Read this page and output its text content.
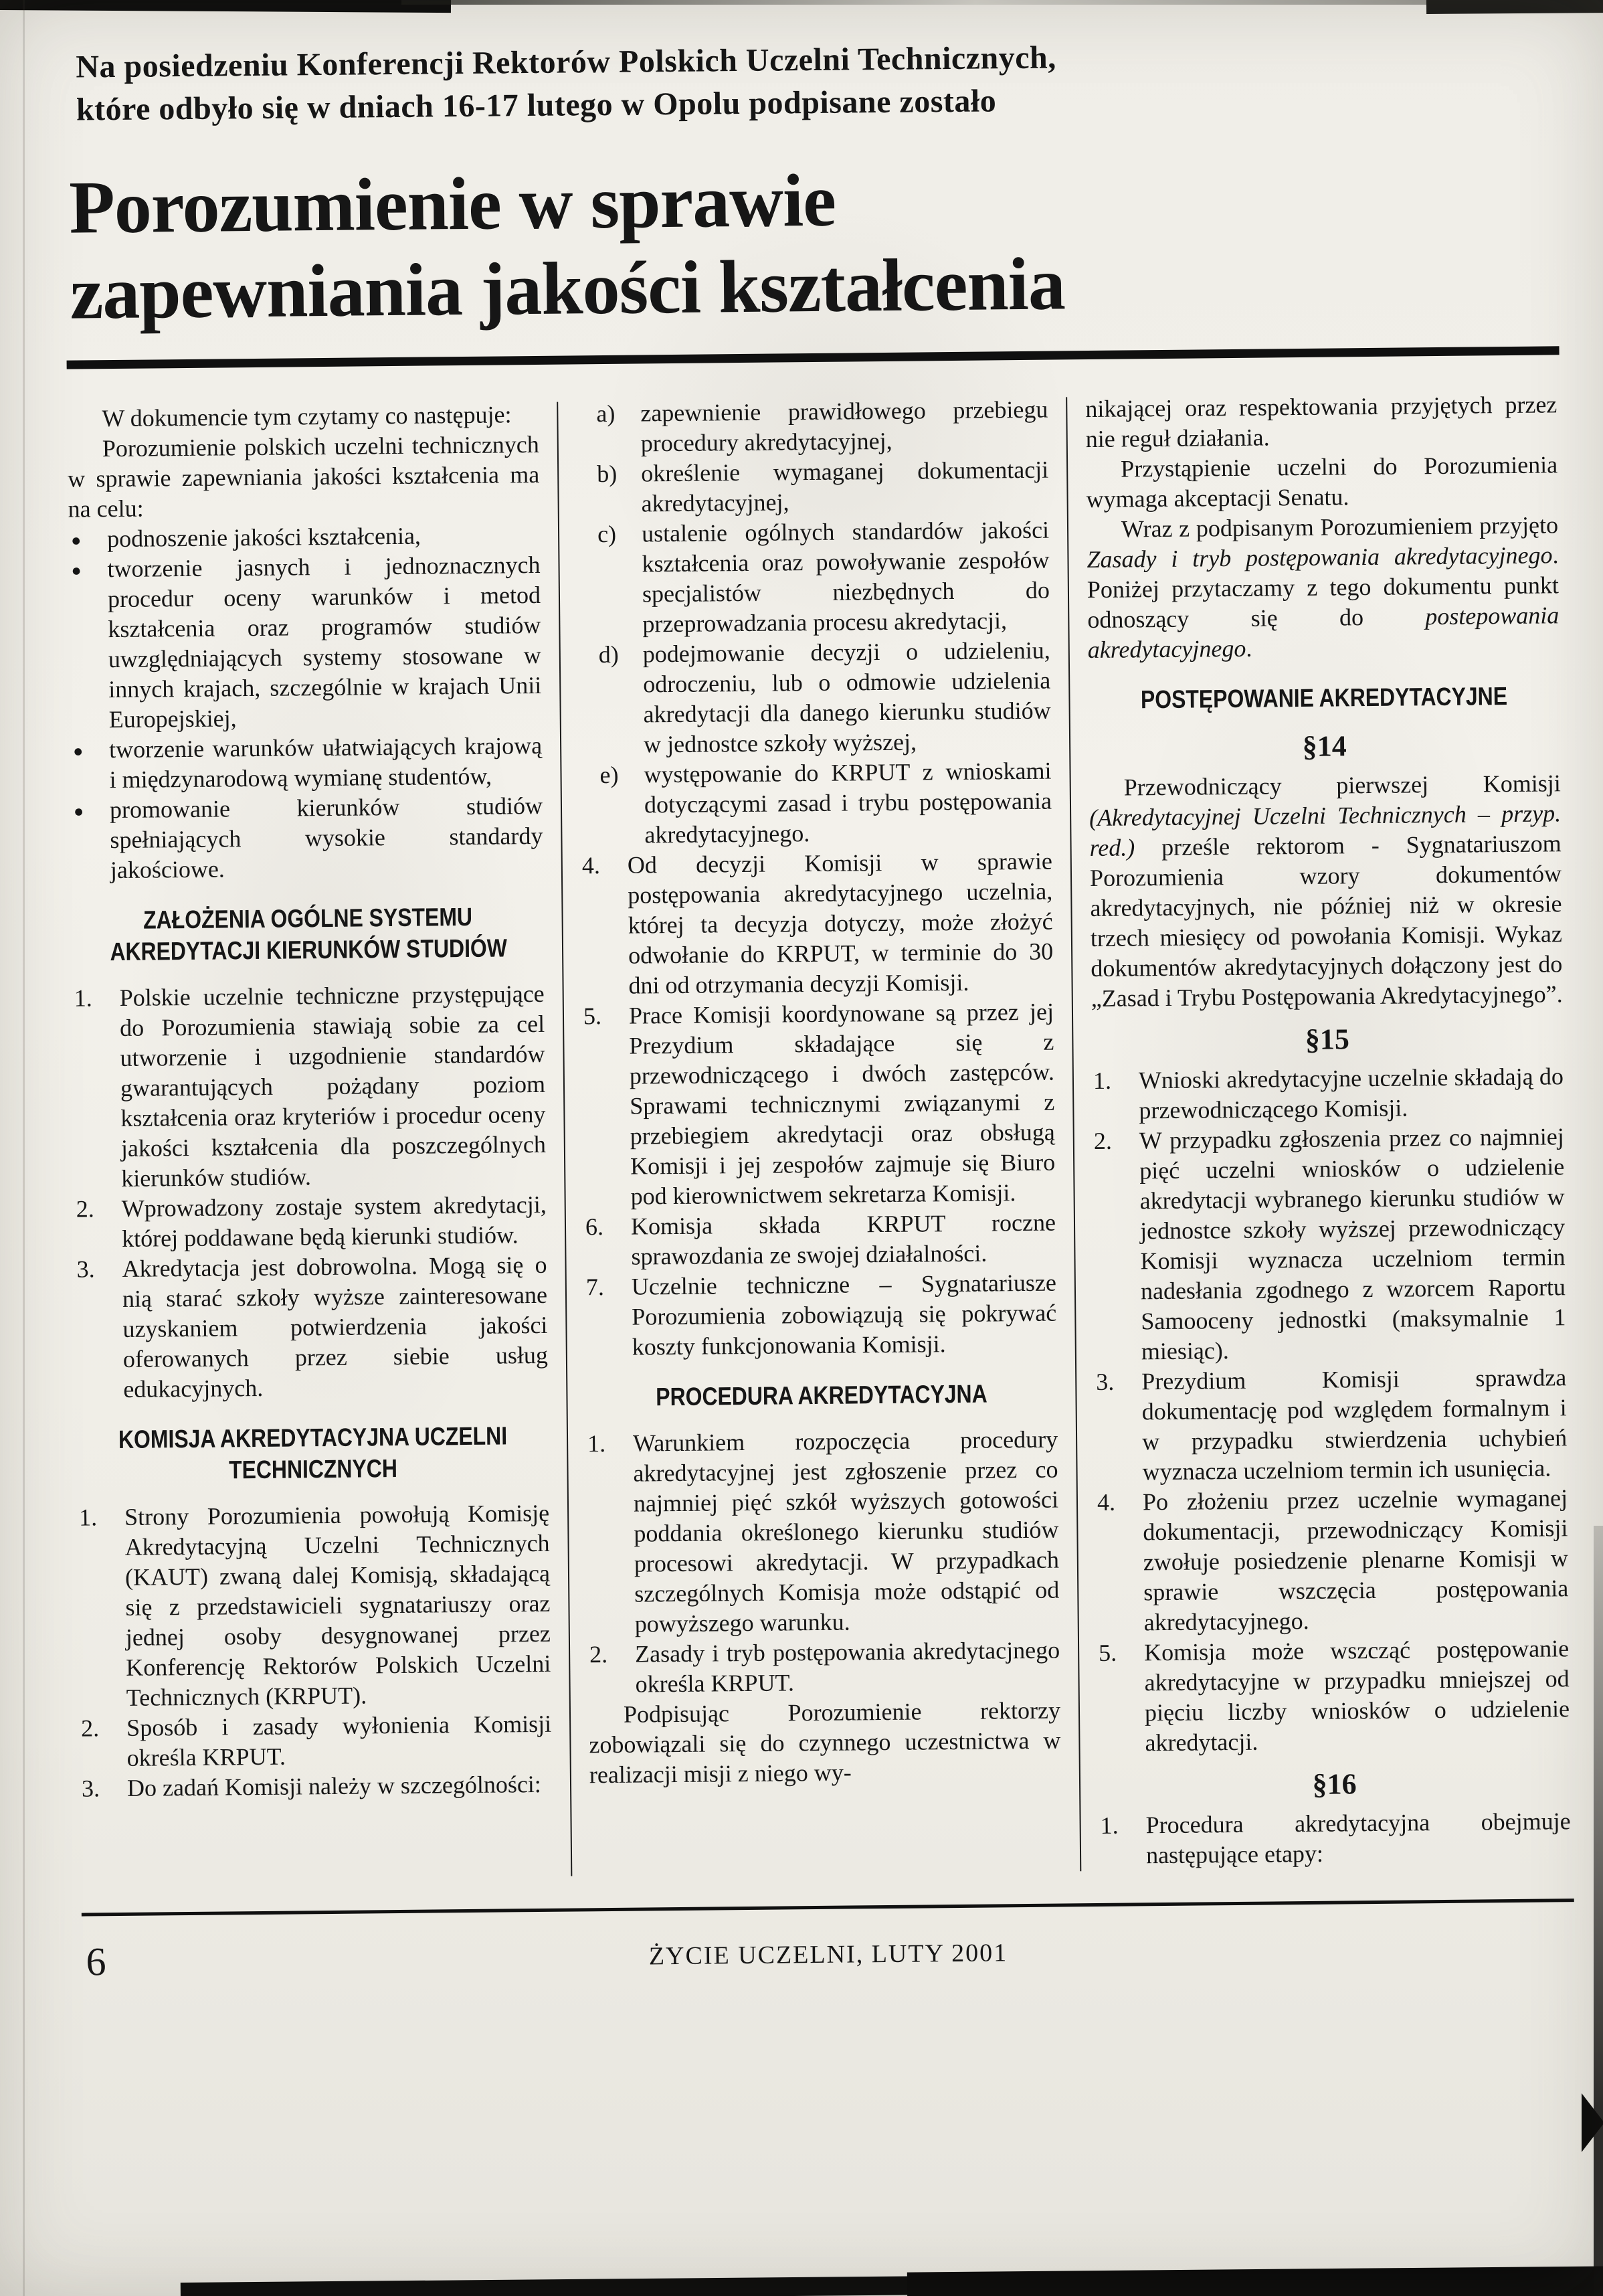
Na posiedzeniu Konferencji Rektorów Polskich Uczelni Technicznych,
które odbyło się w dniach 16-17 lutego w Opolu podpisane zostało
Porozumienie w sprawie
zapewniania jakości kształcenia

W dokumencie tym czytamy co następuje:

Porozumienie polskich uczelni technicznych w sprawie zapewniania jakości kształcenia ma na celu:

● podnoszenie jakości kształcenia,
● tworzenie jasnych i jednoznacznych procedur oceny warunków i metod kształcenia oraz programów studiów uwzględniających systemy stosowane w innych krajach, szczególnie w krajach Unii Europejskiej,
● tworzenie warunków ułatwiających krajową i międzynarodową wymianę studentów,
● promowanie kierunków studiów spełniających wysokie standardy jakościowe.
ZAŁOŻENIA OGÓLNE SYSTEMU
AKREDYTACJI KIERUNKÓW STUDIÓW
1. Polskie uczelnie techniczne przystępujące do Porozumienia stawiają sobie za cel utworzenie i uzgodnienie standardów gwarantujących pożądany poziom kształcenia oraz kryteriów i procedur oceny jakości kształcenia dla poszczególnych kierunków studiów.
2. Wprowadzony zostaje system akredytacji, której poddawane będą kierunki studiów.
3. Akredytacja jest dobrowolna. Mogą się o nią starać szkoły wyższe zainteresowane uzyskaniem potwierdzenia jakości oferowanych przez siebie usług edukacyjnych.
KOMISJA AKREDYTACYJNA UCZELNI
TECHNICZNYCH
1. Strony Porozumienia powołują Komisję Akredytacyjną Uczelni Technicznych (KAUT) zwaną dalej Komisją, składającą się z przedstawicieli sygnatariuszy oraz jednej osoby desygnowanej przez Konferencję Rektorów Polskich Uczelni Technicznych (KRPUT).
2. Sposób i zasady wyłonienia Komisji określa KRPUT.
3. Do zadań Komisji należy w szczególności:
a) zapewnienie prawidłowego przebiegu procedury akredytacyjnej,
b) określenie wymaganej dokumentacji akredytacyjnej,
c) ustalenie ogólnych standardów jakości kształcenia oraz powoływanie zespołów specjalistów niezbędnych do przeprowadzania procesu akredytacji,
d) podejmowanie decyzji o udzieleniu, odroczeniu, lub o odmowie udzielenia akredytacji dla danego kierunku studiów w jednostce szkoły wyższej,
e) występowanie do KRPUT z wnioskami dotyczącymi zasad i trybu postępowania akredytacyjnego.
4. Od decyzji Komisji w sprawie postępowania akredytacyjnego uczelnia, której ta decyzja dotyczy, może złożyć odwołanie do KRPUT, w terminie do 30 dni od otrzymania decyzji Komisji.
5. Prace Komisji koordynowane są przez jej Prezydium składające się z przewodniczącego i dwóch zastępców. Sprawami technicznymi związanymi z przebiegiem akredytacji oraz obsługą Komisji i jej zespołów zajmuje się Biuro pod kierownictwem sekretarza Komisji.
6. Komisja składa KRPUT roczne sprawozdania ze swojej działalności.
7. Uczelnie techniczne – Sygnatariusze Porozumienia zobowiązują się pokrywać koszty funkcjonowania Komisji.
PROCEDURA AKREDYTACYJNA
1. Warunkiem rozpoczęcia procedury akredytacyjnej jest zgłoszenie przez co najmniej pięć szkół wyższych gotowości poddania określonego kierunku studiów procesowi akredytacji. W przypadkach szczególnych Komisja może odstąpić od powyższego warunku.
2. Zasady i tryb postępowania akredytacjnego określa KRPUT.

Podpisując Porozumienie rektorzy zobowiązali się do czynnego uczestnictwa w realizacji misji z niego wy-

nikającej oraz respektowania przyjętych przez nie reguł działania.

Przystąpienie uczelni do Porozumienia wymaga akceptacji Senatu.

Wraz z podpisanym Porozumieniem przyjęto Zasady i tryb postępowania akredytacyjnego. Poniżej przytaczamy z tego dokumentu punkt odnoszący się do postepowania akredytacyjnego.

POSTĘPOWANIE AKREDYTACYJNE
§14

Przewodniczący pierwszej Komisji (Akredytacyjnej Uczelni Technicznych – przyp. red.) prześle rektorom - Sygnatariuszom Porozumienia wzory dokumentów akredytacyjnych, nie później niż w okresie trzech miesięcy od powołania Komisji. Wykaz dokumentów akredytacyjnych dołączony jest do „Zasad i Trybu Postępowania Akredytacyjnego”.

§15
1. Wnioski akredytacyjne uczelnie składają do przewodniczącego Komisji.
2. W przypadku zgłoszenia przez co najmniej pięć uczelni wniosków o udzielenie akredytacji wybranego kierunku studiów w jednostce szkoły wyższej przewodniczący Komisji wyznacza uczelniom termin nadesłania zgodnego z wzorcem Raportu Samooceny jednostki (maksymalnie 1 miesiąc).
3. Prezydium Komisji sprawdza dokumentację pod względem formalnym i w przypadku stwierdzenia uchybień wyznacza uczelniom termin ich usunięcia.
4. Po złożeniu przez uczelnie wymaganej dokumentacji, przewodniczący Komisji zwołuje posiedzenie plenarne Komisji w sprawie wszczęcia postępowania akredytacyjnego.
5. Komisja może wszcząć postępowanie akredytacyjne w przypadku mniejszej od pięciu liczby wniosków o udzielenie akredytacji.
§16
1. Procedura akredytacyjna obejmuje następujące etapy:
6	ŻYCIE UCZELNI, LUTY 2001
